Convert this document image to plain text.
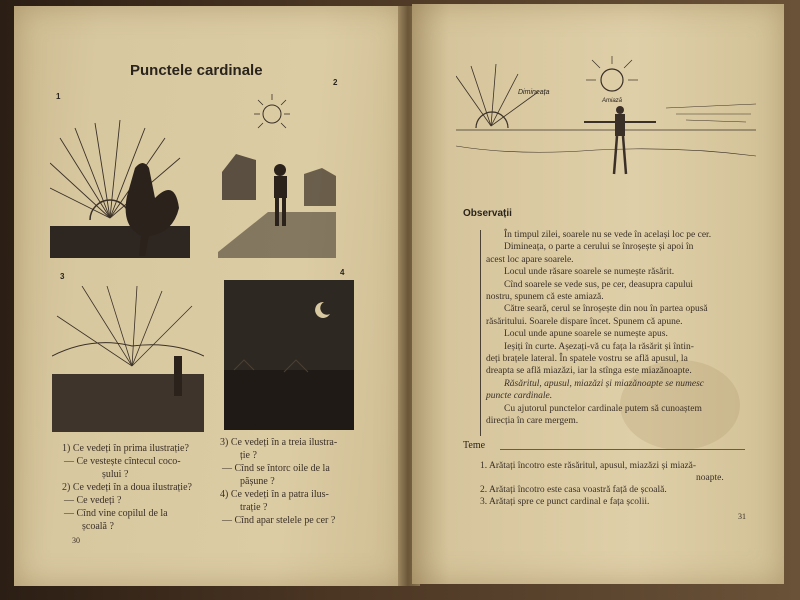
Punctele cardinale
1
2
3	4
1) Ce vedeți în prima ilustrație?
— Ce vestește cîntecul coco-
șului ?
2) Ce vedeți în a doua ilustrație?
— Ce vedeți ?
— Cînd vine copilul de la
școală ?
3) Ce vedeți în a treia ilustra-
ție ?
— Cînd se întorc oile de la
pășune ?
4) Ce vedeți în a patra ilus-
trație ?
— Cînd apar stelele pe cer ?
30
Dimineața
Amiază
Observații
În timpul zilei, soarele nu se vede în același loc pe cer.
Dimineața, o parte a cerului se înroșește și apoi în
acest loc apare soarele.
Locul unde răsare soarele se numește răsărit.
Cînd soarele se vede sus, pe cer, deasupra capului
nostru, spunem că este amiază.
Către seară, cerul se înroșește din nou în partea opusă
răsăritului. Soarele dispare încet. Spunem că apune.
Locul unde apune soarele se numește apus.
Ieșiți în curte. Așezați-vă cu fața la răsărit și întin-
deți brațele lateral. În spatele vostru se află apusul, la
dreapta se află miazăzi, iar la stînga este miazănoapte.
Răsăritul, apusul, miazăzi și miazănoapte se numesc
puncte cardinale.
Cu ajutorul punctelor cardinale putem să cunoaștem
direcția în care mergem.
Teme
1. Arătați încotro este răsăritul, apusul, miazăzi și miază-
noapte.
2. Arătați încotro este casa voastră față de școală.
3. Arătați spre ce punct cardinal e fața școlii.
31
